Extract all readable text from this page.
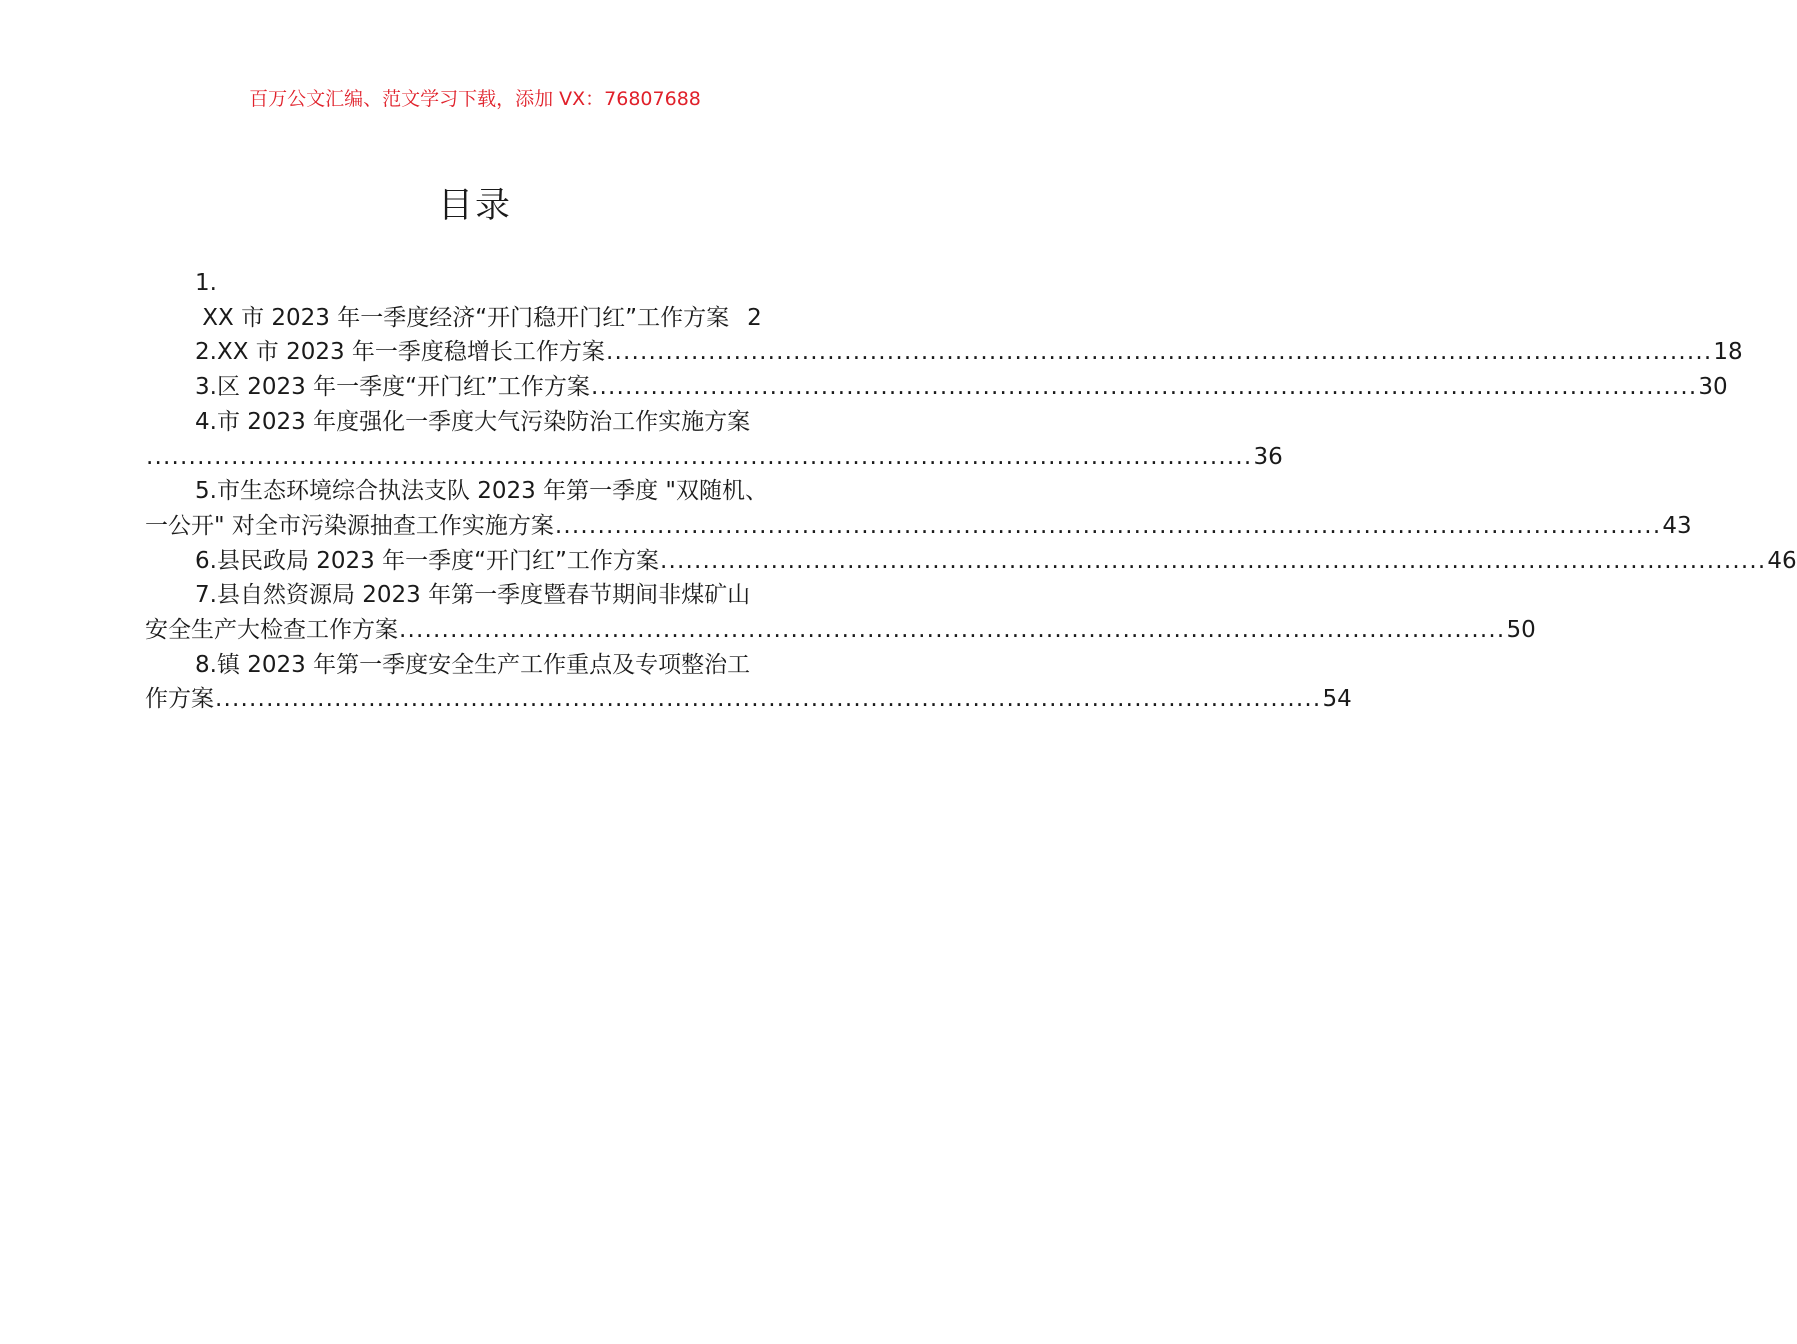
百万公文汇编、范文学习下载，添加 VX：76807688
目录
1.
XX 市 2023 年一季度经济“开门稳开门红”工作方案 2
2.XX 市 2023 年一季度稳增长工作方案 .................................................................................................................................. 18
3.区 2023 年一季度“开门红”工作方案 .................................................................................................................................. 30
4.市 2023 年度强化一季度大气污染防治工作实施方案
.................................................................................................................................. 36
5.市生态环境综合执法支队 2023 年第一季度 "双随机、
一公开" 对全市污染源抽查工作实施方案 .................................................................................................................................. 43
6.县民政局 2023 年一季度“开门红”工作方案 .................................................................................................................................. 46
7.县自然资源局 2023 年第一季度暨春节期间非煤矿山
安全生产大检查工作方案 .................................................................................................................................. 50
8.镇 2023 年第一季度安全生产工作重点及专项整治工
作方案 .................................................................................................................................. 54
